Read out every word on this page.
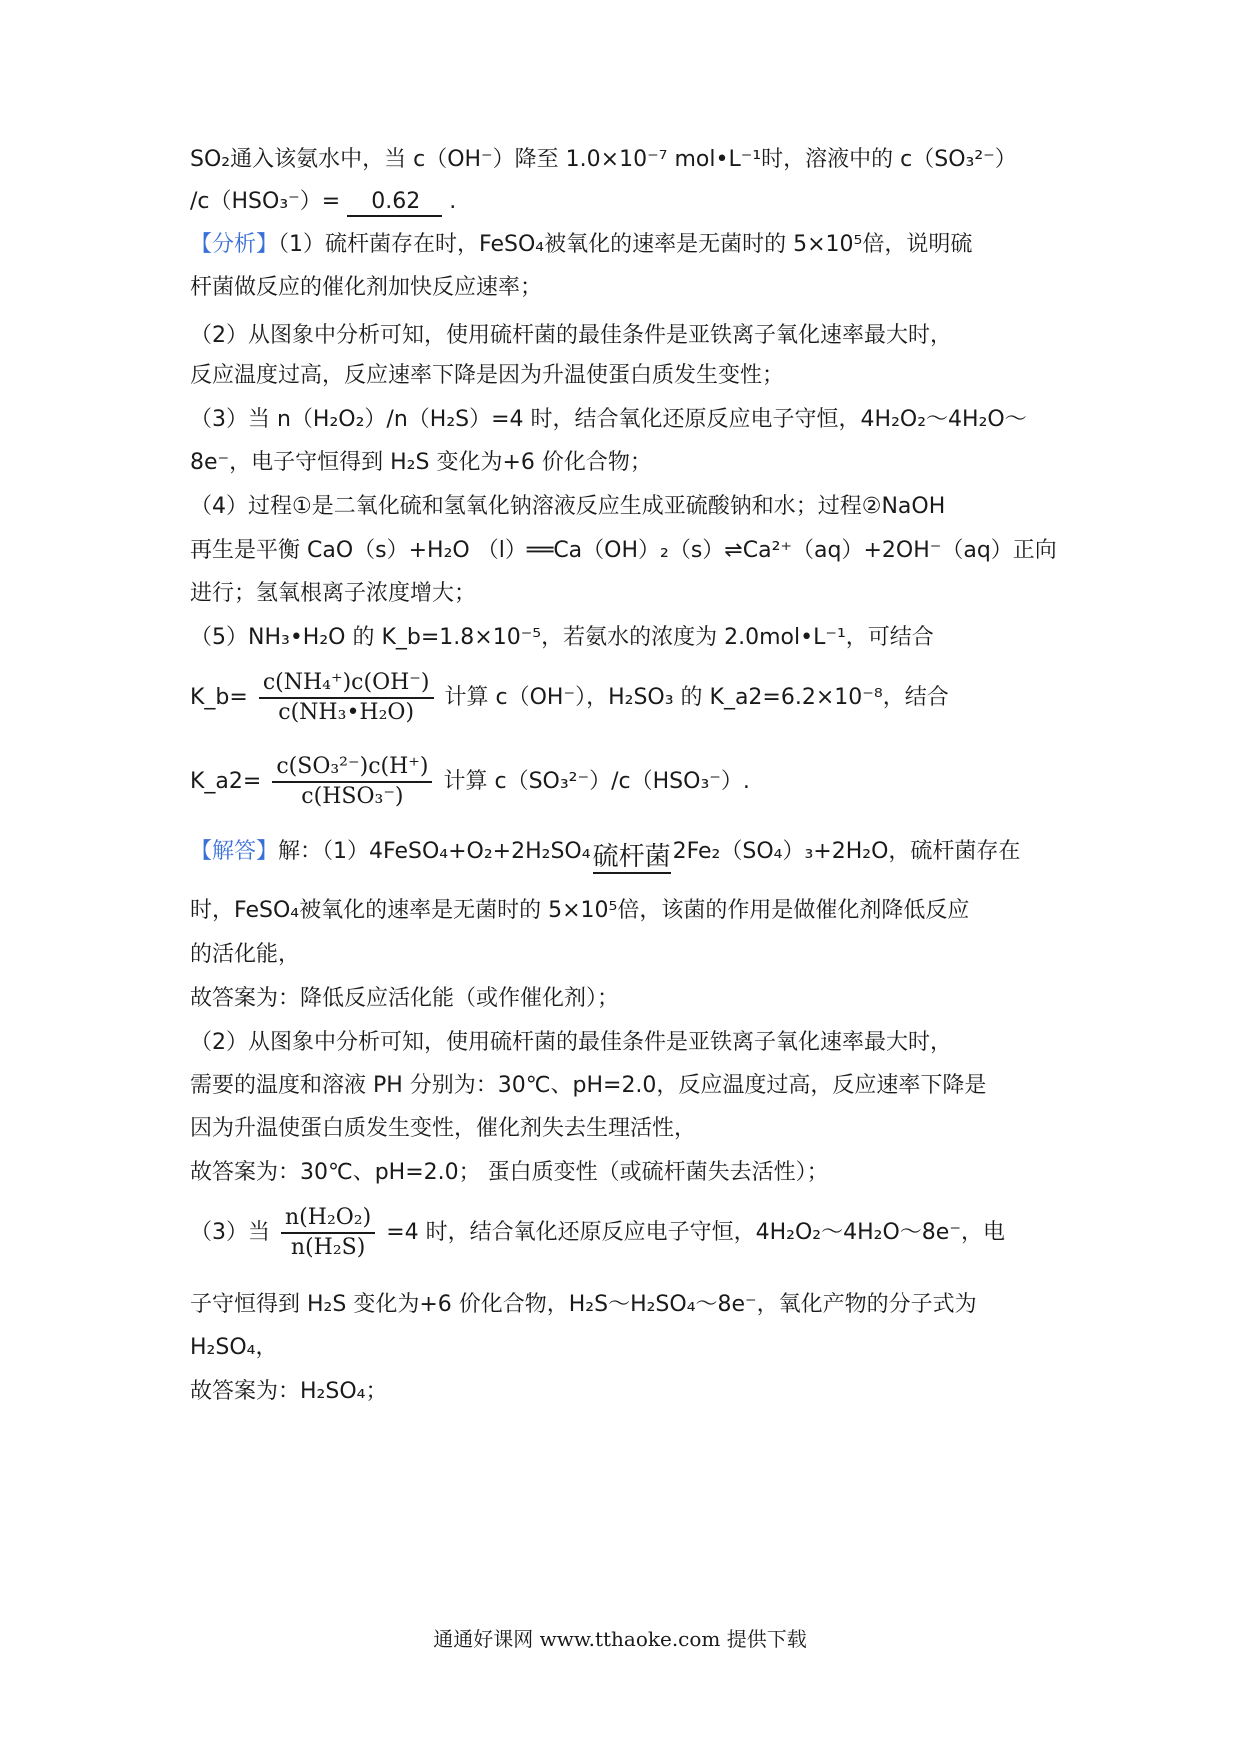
SO₂通入该氨水中，当 c（OH⁻）降至 1.0×10⁻⁷ mol•L⁻¹时，溶液中的 c（SO₃²⁻）
/c（HSO₃⁻）= 0.62 .
【分析】（1）硫杆菌存在时，FeSO₄被氧化的速率是无菌时的 5×10⁵倍，说明硫
杆菌做反应的催化剂加快反应速率；
（2）从图象中分析可知，使用硫杆菌的最佳条件是亚铁离子氧化速率最大时，
反应温度过高，反应速率下降是因为升温使蛋白质发生变性；
（3）当 n（H₂O₂）/n（H₂S）=4 时，结合氧化还原反应电子守恒，4H₂O₂～4H₂O～
8e⁻，电子守恒得到 H₂S 变化为+6 价化合物；
（4）过程①是二氧化硫和氢氧化钠溶液反应生成亚硫酸钠和水；过程②NaOH
再生是平衡 CaO（s）+H₂O （l）══Ca（OH）₂（s）⇌Ca²⁺（aq）+2OH⁻（aq）正向
进行；氢氧根离子浓度增大；
（5）NH₃•H₂O 的 K_b=1.8×10⁻⁵，若氨水的浓度为 2.0mol•L⁻¹，可结合
K_b= $\frac{\text{c(NH₄⁺)c(OH⁻)}}{\text{c(NH₃•H₂O)}}$ 计算 c（OH⁻），H₂SO₃ 的 K_a2=6.2×10⁻⁸，结合
K_a2= $\frac{\text{c(SO₃²⁻)c(H⁺)}}{\text{c(HSO₃⁻)}}$ 计算 c（SO₃²⁻）/c（HSO₃⁻）.
【解答】解：（1）4FeSO₄+O₂+2H₂SO₄ 硫杆菌 2Fe₂（SO₄）₃+2H₂O，硫杆菌存在
时，FeSO₄被氧化的速率是无菌时的 5×10⁵倍，该菌的作用是做催化剂降低反应
的活化能，
故答案为：降低反应活化能（或作催化剂）；
（2）从图象中分析可知，使用硫杆菌的最佳条件是亚铁离子氧化速率最大时，
需要的温度和溶液 PH 分别为：30℃、pH=2.0，反应温度过高，反应速率下降是
因为升温使蛋白质发生变性，催化剂失去生理活性，
故答案为：30℃、pH=2.0； 蛋白质变性（或硫杆菌失去活性）；
（3）当 $\frac{\text{n(H₂O₂)}}{\text{n(H₂S)}} =4$ 时，结合氧化还原反应电子守恒，4H₂O₂～4H₂O～8e⁻，电
子守恒得到 H₂S 变化为+6 价化合物，H₂S～H₂SO₄～8e⁻，氧化产物的分子式为
H₂SO₄，
故答案为：H₂SO₄；
通通好课网 www.tthaoke.com 提供下载
